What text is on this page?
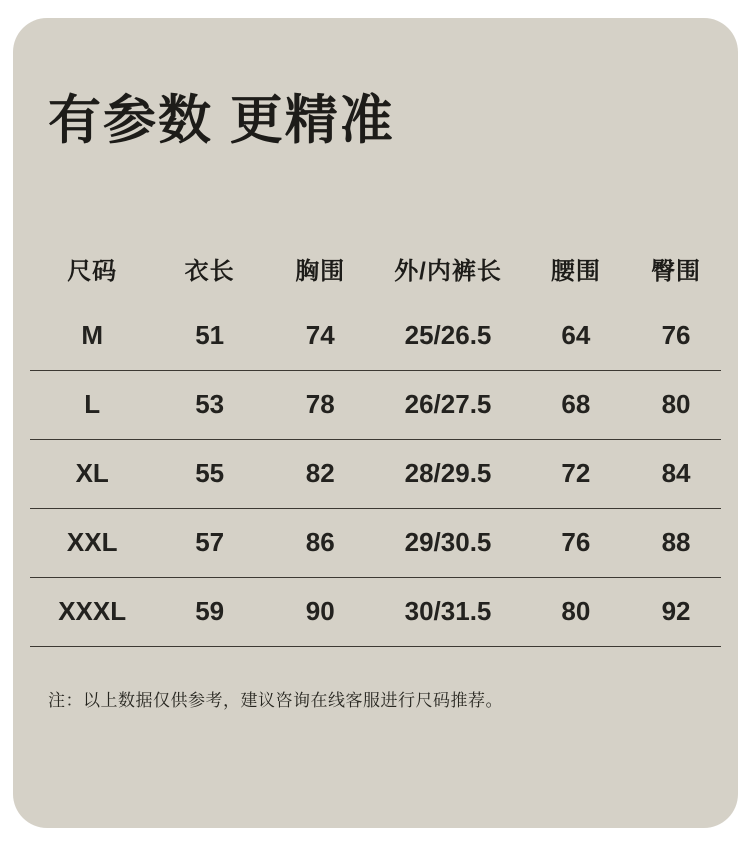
有参数 更精准
尺码	衣长	胸围	外/内裤长	腰围	臀围
M	51	74	25/26.5	64	76
L	53	78	26/27.5	68	80
XL	55	82	28/29.5	72	84
XXL	57	86	29/30.5	76	88
XXXL	59	90	30/31.5	80	92

注：以上数据仅供参考，建议咨询在线客服进行尺码推荐。
